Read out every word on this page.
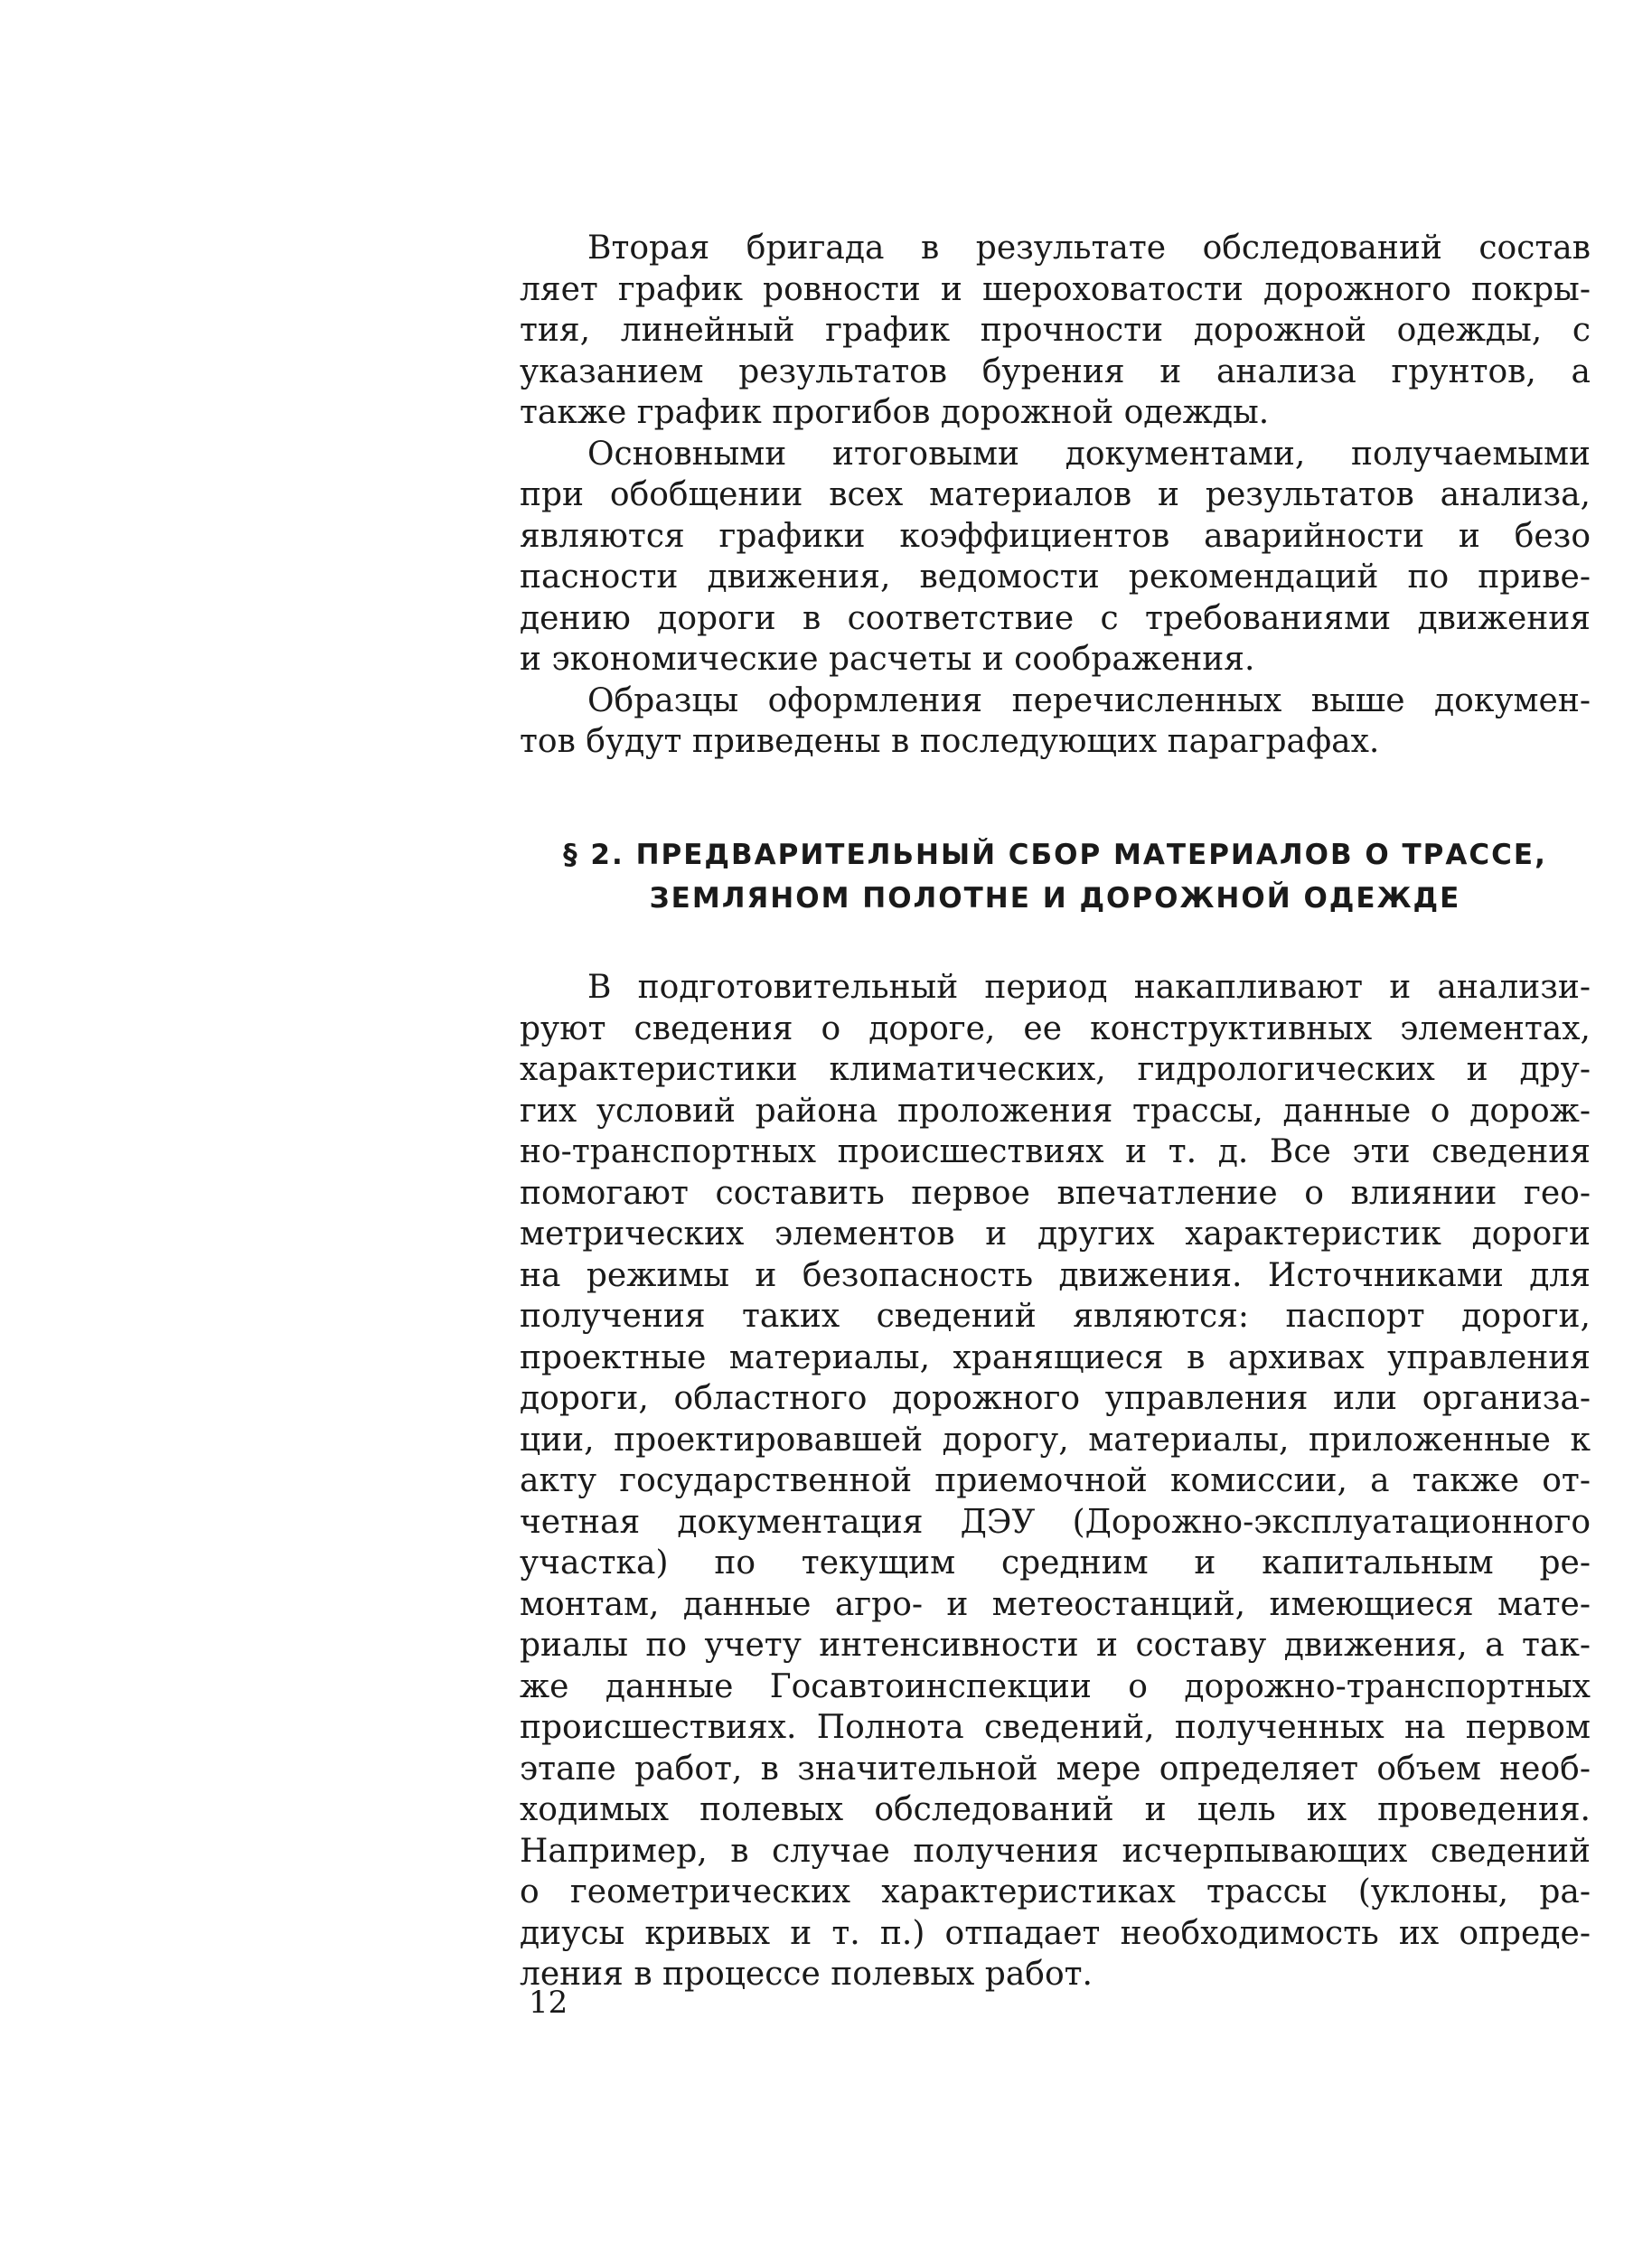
Вторая бригада в результате обследований состав
ляет график ровности и шероховатости дорожного покры-
тия, линейный график прочности дорожной одежды, с
указанием результатов бурения и анализа грунтов, а
также график прогибов дорожной одежды.

Основными итоговыми документами, получаемыми
при обобщении всех материалов и результатов анализа,
являются графики коэффициентов аварийности и безо
пасности движения, ведомости рекомендаций по приве-
дению дороги в соответствие с требованиями движения
и экономические расчеты и соображения.

Образцы оформления перечисленных выше докумен-
тов будут приведены в последующих параграфах.

§ 2. ПРЕДВАРИТЕЛЬНЫЙ СБОР МАТЕРИАЛОВ О ТРАССЕ,
ЗЕМЛЯНОМ ПОЛОТНЕ И ДОРОЖНОЙ ОДЕЖДЕ

В подготовительный период накапливают и анализи-
руют сведения о дороге, ее конструктивных элементах,
характеристики климатических, гидрологических и дру-
гих условий района проложения трассы, данные о дорож-
но-транспортных происшествиях и т. д. Все эти сведения
помогают составить первое впечатление о влиянии гео-
метрических элементов и других характеристик дороги
на режимы и безопасность движения. Источниками для
получения таких сведений являются: паспорт дороги,
проектные материалы, хранящиеся в архивах управления
дороги, областного дорожного управления или организа-
ции, проектировавшей дорогу, материалы, приложенные к
акту государственной приемочной комиссии, а также от-
четная документация ДЭУ (Дорожно-эксплуатационного
участка) по текущим средним и капитальным ре-
монтам, данные агро- и метеостанций, имеющиеся мате-
риалы по учету интенсивности и составу движения, а так-
же данные Госавтоинспекции о дорожно-транспортных
происшествиях. Полнота сведений, полученных на первом
этапе работ, в значительной мере определяет объем необ-
ходимых полевых обследований и цель их проведения.
Например, в случае получения исчерпывающих сведений
о геометрических характеристиках трассы (уклоны, ра-
диусы кривых и т. п.) отпадает необходимость их опреде-
ления в процессе полевых работ.

12
